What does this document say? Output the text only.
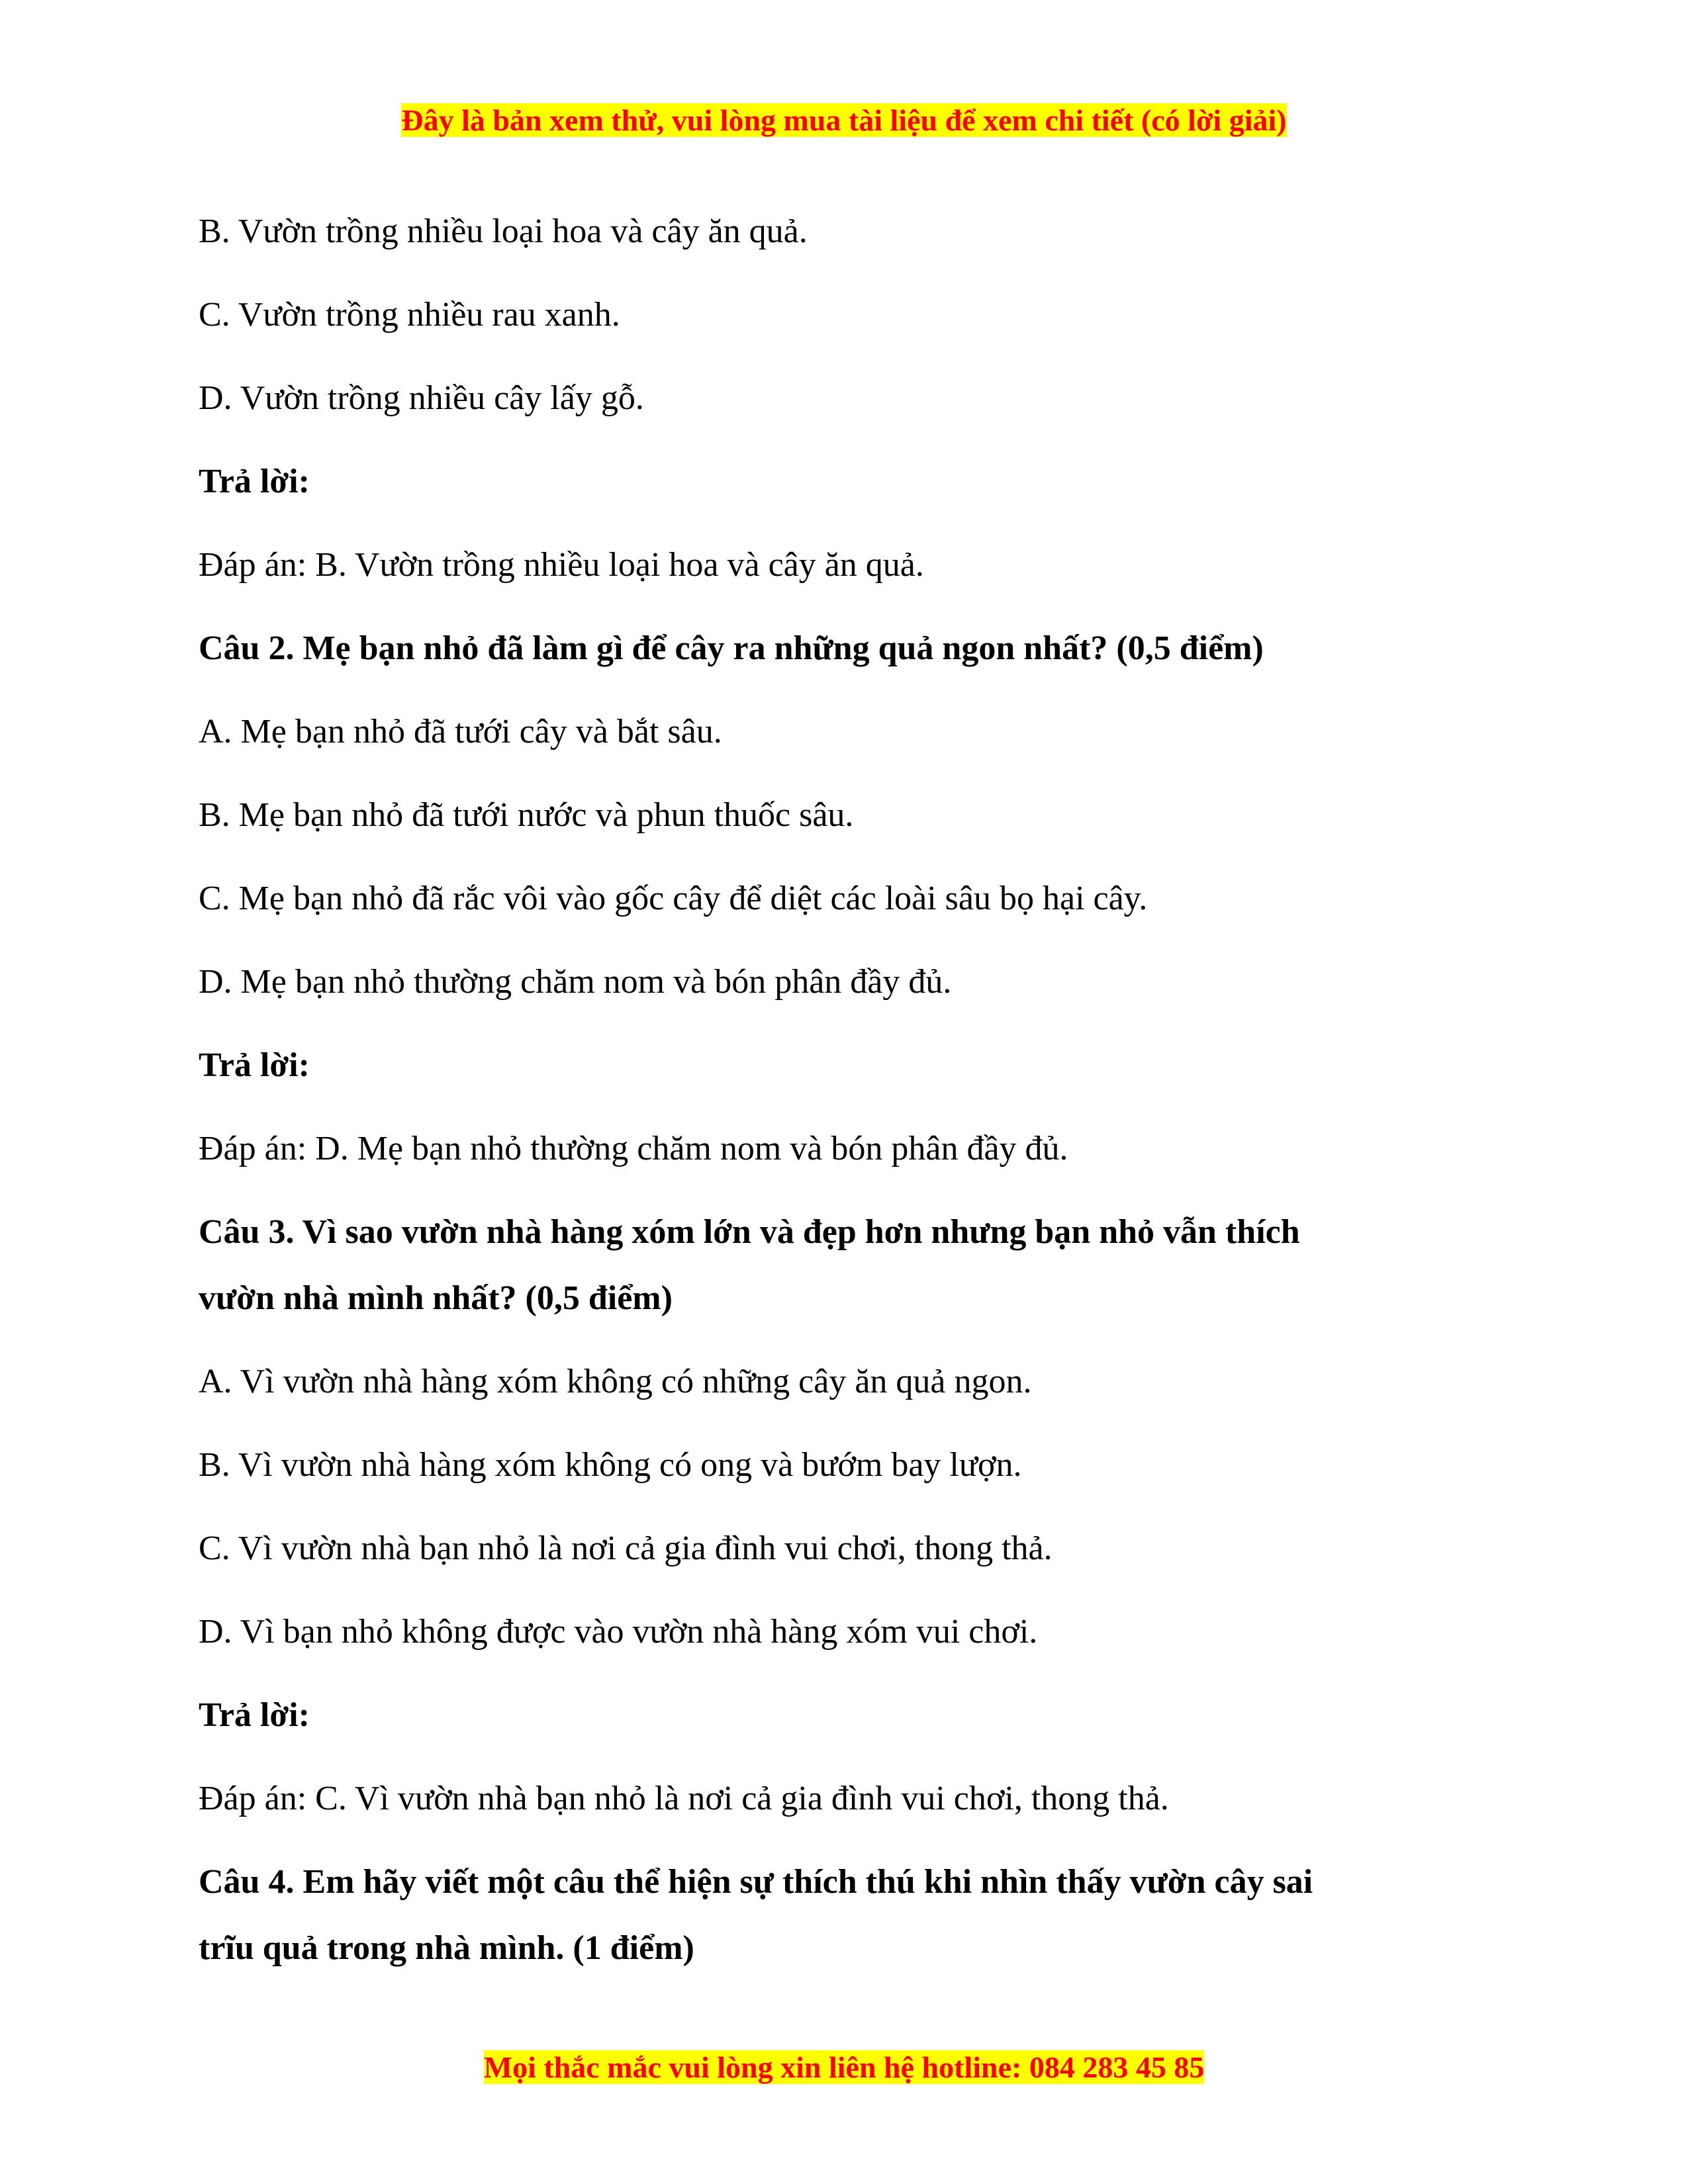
Đây là bản xem thử, vui lòng mua tài liệu để xem chi tiết (có lời giải)
B. Vườn trồng nhiều loại hoa và cây ăn quả.
C. Vườn trồng nhiều rau xanh.
D. Vườn trồng nhiều cây lấy gỗ.
Trả lời:
Đáp án: B. Vườn trồng nhiều loại hoa và cây ăn quả.
Câu 2. Mẹ bạn nhỏ đã làm gì để cây ra những quả ngon nhất? (0,5 điểm)
A. Mẹ bạn nhỏ đã tưới cây và bắt sâu.
B. Mẹ bạn nhỏ đã tưới nước và phun thuốc sâu.
C. Mẹ bạn nhỏ đã rắc vôi vào gốc cây để diệt các loài sâu bọ hại cây.
D. Mẹ bạn nhỏ thường chăm nom và bón phân đầy đủ.
Trả lời:
Đáp án: D. Mẹ bạn nhỏ thường chăm nom và bón phân đầy đủ.
Câu 3. Vì sao vườn nhà hàng xóm lớn và đẹp hơn nhưng bạn nhỏ vẫn thích
vườn nhà mình nhất? (0,5 điểm)
A. Vì vườn nhà hàng xóm không có những cây ăn quả ngon.
B. Vì vườn nhà hàng xóm không có ong và bướm bay lượn.
C. Vì vườn nhà bạn nhỏ là nơi cả gia đình vui chơi, thong thả.
D. Vì bạn nhỏ không được vào vườn nhà hàng xóm vui chơi.
Trả lời:
Đáp án: C. Vì vườn nhà bạn nhỏ là nơi cả gia đình vui chơi, thong thả.
Câu 4. Em hãy viết một câu thể hiện sự thích thú khi nhìn thấy vườn cây sai
trĩu quả trong nhà mình. (1 điểm)
Mọi thắc mắc vui lòng xin liên hệ hotline: 084 283 45 85
